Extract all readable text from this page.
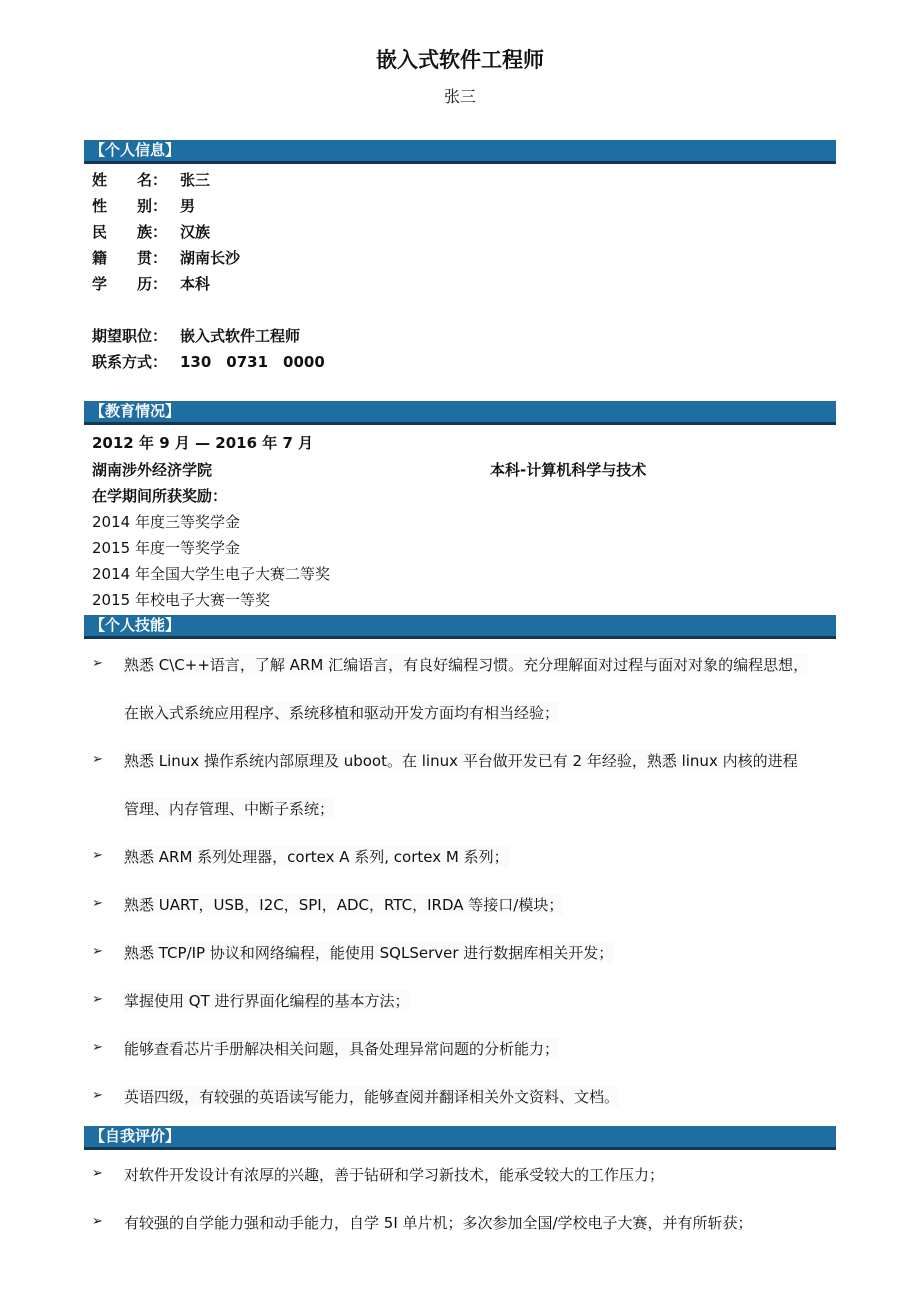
嵌入式软件工程师
张三
【个人信息】
姓　　名： 张三
性　　别： 男
民　　族： 汉族
籍　　贯： 湖南长沙
学　　历： 本科
期望职位： 嵌入式软件工程师
联系方式： 130　0731　0000
【教育情况】
2012 年 9 月 — 2016 年 7 月
湖南涉外经济学院	本科-计算机科学与技术
在学期间所获奖励：
2014 年度三等奖学金
2015 年度一等奖学金
2014 年全国大学生电子大赛二等奖
2015 年校电子大赛一等奖
【个人技能】
➢ 熟悉 C\C++语言，了解 ARM 汇编语言，有良好编程习惯。充分理解面对过程与面对对象的编程思想，
在嵌入式系统应用程序、系统移植和驱动开发方面均有相当经验；
➢ 熟悉 Linux 操作系统内部原理及 uboot。在 linux 平台做开发已有 2 年经验，熟悉 linux 内核的进程
管理、内存管理、中断子系统；
➢ 熟悉 ARM 系列处理器，cortex A 系列, cortex M 系列；
➢ 熟悉 UART，USB，I2C，SPI，ADC，RTC，IRDA 等接口/模块；
➢ 熟悉 TCP/IP 协议和网络编程，能使用 SQLServer 进行数据库相关开发；
➢ 掌握使用 QT 进行界面化编程的基本方法；
➢ 能够查看芯片手册解决相关问题，具备处理异常问题的分析能力；
➢ 英语四级，有较强的英语读写能力，能够查阅并翻译相关外文资料、文档。
【自我评价】
➢ 对软件开发设计有浓厚的兴趣，善于钻研和学习新技术，能承受较大的工作压力；
➢ 有较强的自学能力强和动手能力，自学 5I 单片机；多次参加全国/学校电子大赛，并有所斩获；
